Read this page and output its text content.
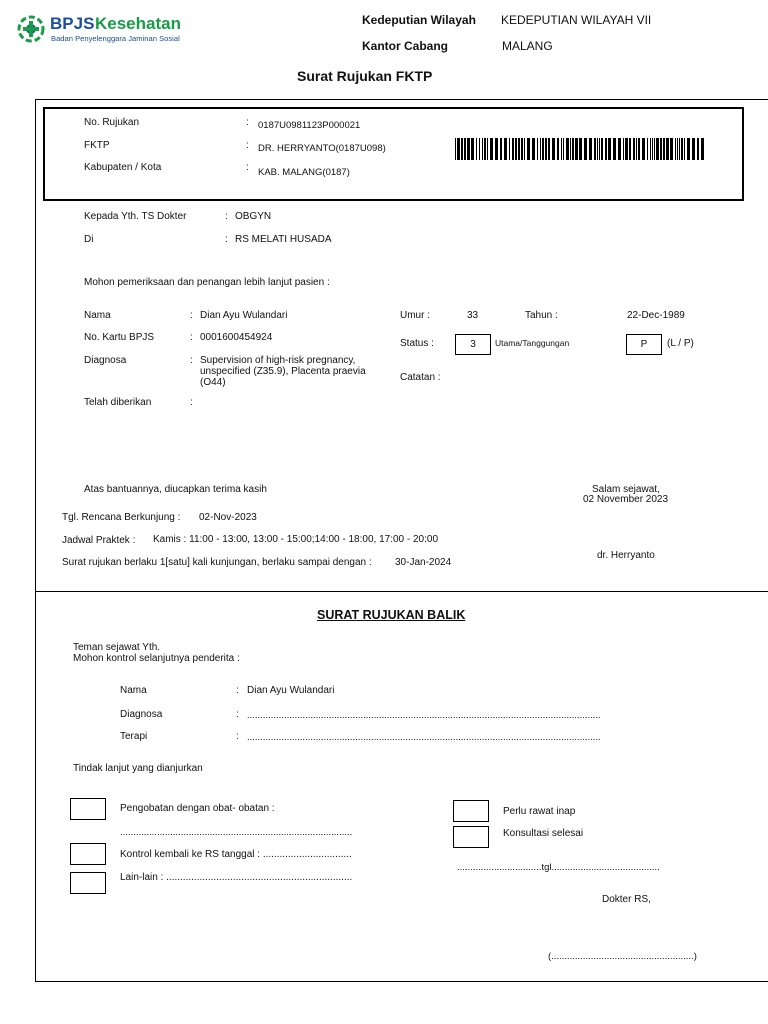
BPJS Kesehatan
Badan Penyelenggara Jaminan Sosial
Kedeputian Wilayah KEDEPUTIAN WILAYAH VII
Kantor Cabang	MALANG
Surat Rujukan FKTP
No. Rujukan	: 0187U0981123P000021
FKTP	: DR. HERRYANTO(0187U098)
Kabupaten / Kota	: KAB. MALANG(0187)
Kepada Yth. TS Dokter	: OBGYN
Di	: RS MELATI HUSADA
Mohon pemeriksaan dan penangan lebih lanjut pasien :
Nama	: Dian Ayu Wulandari
No. Kartu BPJS	: 0001600454924
Diagnosa	: Supervision of high-risk pregnancy,
unspecified (Z35.9), Placenta praevia
(O44)
Telah diberikan	:
Umur :	33	Tahun :	22-Dec-1989
Status :	3	Utama/Tanggungan	P	(L / P)
Catatan :
Atas bantuannya, diucapkan terima kasih	Salam sejawat,
02 November 2023
Tgl. Rencana Berkunjung : 02-Nov-2023
Jadwal Praktek : Kamis : 11:00 - 13:00, 13:00 - 15:00;14:00 - 18:00, 17:00 - 20:00
Surat rujukan berlaku 1[satu] kali kunjungan, berlaku sampai dengan : 30-Jan-2024
dr. Herryanto
SURAT RUJUKAN BALIK
Teman sejawat Yth.
Mohon kontrol selanjutnya penderita :
Nama	: Dian Ayu Wulandari
Diagnosa	: ......................................................................................................................................
Terapi	: ......................................................................................................................................
Tindak lanjut yang dianjurkan
Pengobatan dengan obat- obatan :
........................................................................................
Kontrol kembali ke RS tanggal : ................................
Lain-lain : ...................................................................
Perlu rawat inap
Konsultasi selesai
................................tgl.........................................
Dokter RS,
(......................................................)
